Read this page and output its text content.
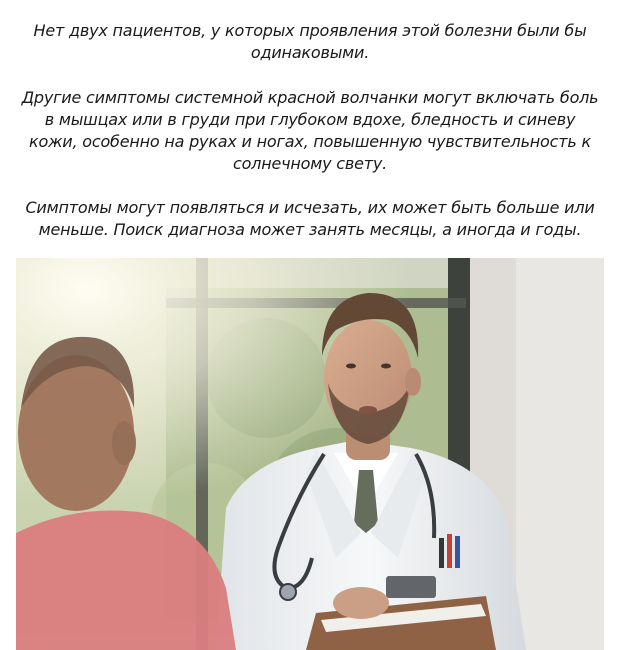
Нет двух пациентов, у которых проявления этой болезни были бы одинаковыми.

Другие симптомы системной красной волчанки могут включать боль в мышцах или в груди при глубоком вдохе, бледность и синеву кожи, особенно на руках и ногах, повышенную чувствительность к солнечному свету.

Симптомы могут появляться и исчезать, их может быть больше или меньше. Поиск диагноза может занять месяцы, а иногда и годы.
